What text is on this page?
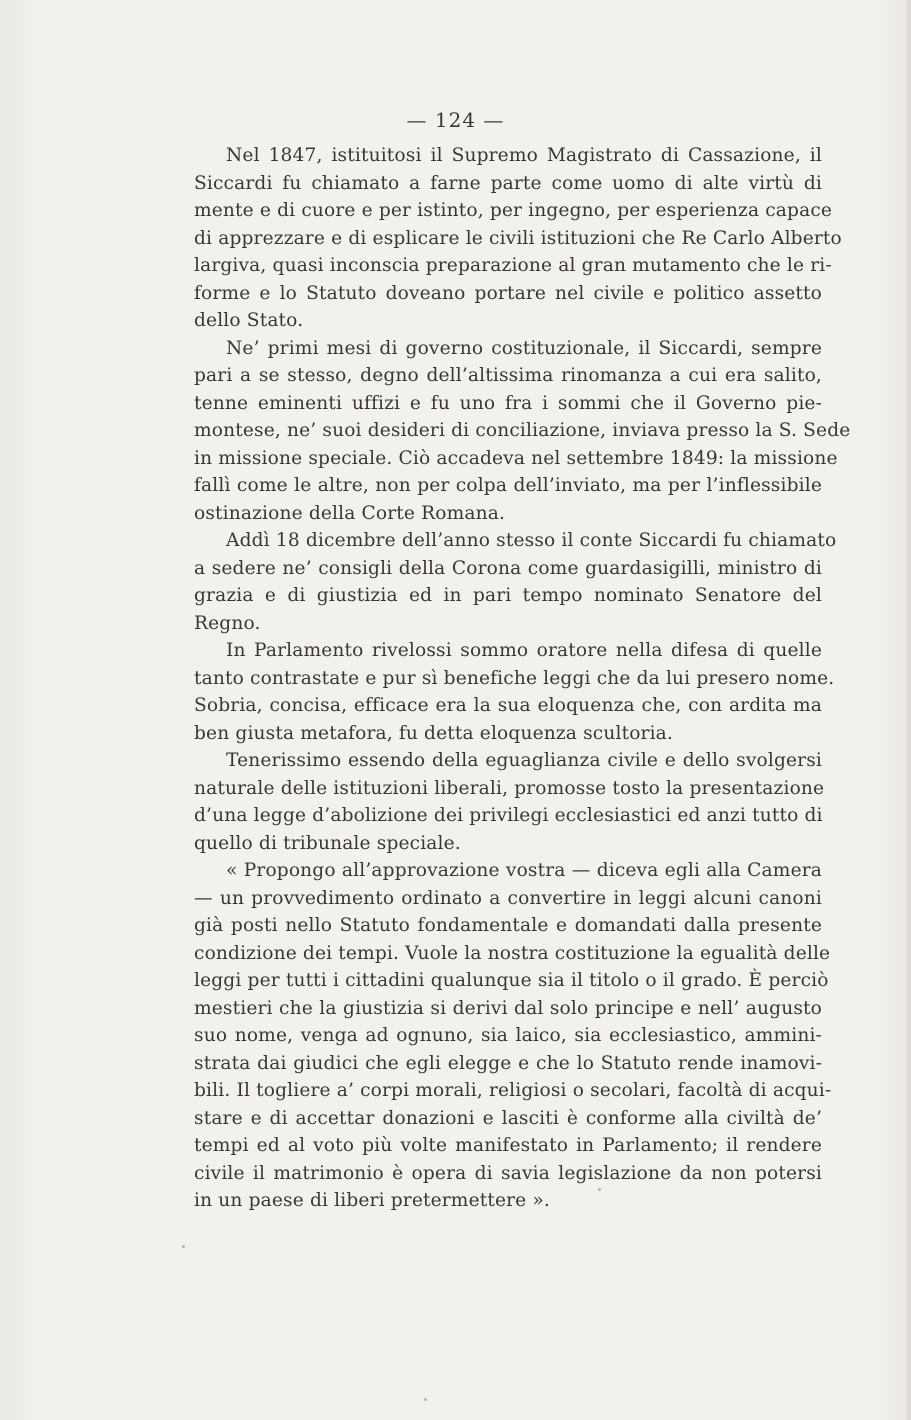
— 124 —
Nel 1847, istituitosi il Supremo Magistrato di Cassazione, il
Siccardi fu chiamato a farne parte come uomo di alte virtù di
mente e di cuore e per istinto, per ingegno, per esperienza capace
di apprezzare e di esplicare le civili istituzioni che Re Carlo Alberto
largiva, quasi inconscia preparazione al gran mutamento che le ri-
forme e lo Statuto doveano portare nel civile e politico assetto
dello Stato.
Ne’ primi mesi di governo costituzionale, il Siccardi, sempre
pari a se stesso, degno dell’altissima rinomanza a cui era salito,
tenne eminenti uffizi e fu uno fra i sommi che il Governo pie-
montese, ne’ suoi desideri di conciliazione, inviava presso la S. Sede
in missione speciale. Ciò accadeva nel settembre 1849: la missione
fallì come le altre, non per colpa dell’inviato, ma per l’inflessibile
ostinazione della Corte Romana.
Addì 18 dicembre dell’anno stesso il conte Siccardi fu chiamato
a sedere ne’ consigli della Corona come guardasigilli, ministro di
grazia e di giustizia ed in pari tempo nominato Senatore del
Regno.
In Parlamento rivelossi sommo oratore nella difesa di quelle
tanto contrastate e pur sì benefiche leggi che da lui presero nome.
Sobria, concisa, efficace era la sua eloquenza che, con ardita ma
ben giusta metafora, fu detta eloquenza scultoria.
Tenerissimo essendo della eguaglianza civile e dello svolgersi
naturale delle istituzioni liberali, promosse tosto la presentazione
d’una legge d’abolizione dei privilegi ecclesiastici ed anzi tutto di
quello di tribunale speciale.
« Propongo all’approvazione vostra — diceva egli alla Camera
— un provvedimento ordinato a convertire in leggi alcuni canoni
già posti nello Statuto fondamentale e domandati dalla presente
condizione dei tempi. Vuole la nostra costituzione la egualità delle
leggi per tutti i cittadini qualunque sia il titolo o il grado. È perciò
mestieri che la giustizia si derivi dal solo principe e nell’ augusto
suo nome, venga ad ognuno, sia laico, sia ecclesiastico, ammini-
strata dai giudici che egli elegge e che lo Statuto rende inamovi-
bili. Il togliere a’ corpi morali, religiosi o secolari, facoltà di acqui-
stare e di accettar donazioni e lasciti è conforme alla civiltà de’
tempi ed al voto più volte manifestato in Parlamento; il rendere
civile il matrimonio è opera di savia legislazione da non potersi
in un paese di liberi pretermettere ».
